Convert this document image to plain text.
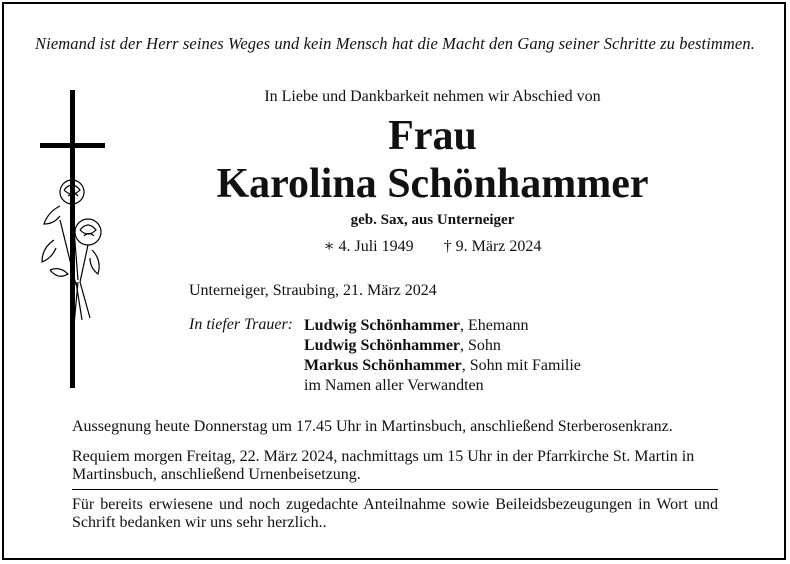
Niemand ist der Herr seines Weges und kein Mensch hat die Macht den Gang seiner Schritte zu bestimmen.
In Liebe und Dankbarkeit nehmen wir Abschied von
Frau
Karolina Schönhammer
geb. Sax, aus Unterneiger
∗ 4. Juli 1949 † 9. März 2024
Unterneiger, Straubing, 21. März 2024
In tiefer Trauer: Ludwig Schönhammer, Ehemann
Ludwig Schönhammer, Sohn
Markus Schönhammer, Sohn mit Familie
im Namen aller Verwandten
Aussegnung heute Donnerstag um 17.45 Uhr in Martinsbuch, anschließend Sterberosenkranz.
Requiem morgen Freitag, 22. März 2024, nachmittags um 15 Uhr in der Pfarrkirche St. Martin in Martinsbuch, anschließend Urnenbeisetzung.
Für bereits erwiesene und noch zugedachte Anteilnahme sowie Beileidsbezeugungen in Wort und Schrift bedanken wir uns sehr herzlich..
